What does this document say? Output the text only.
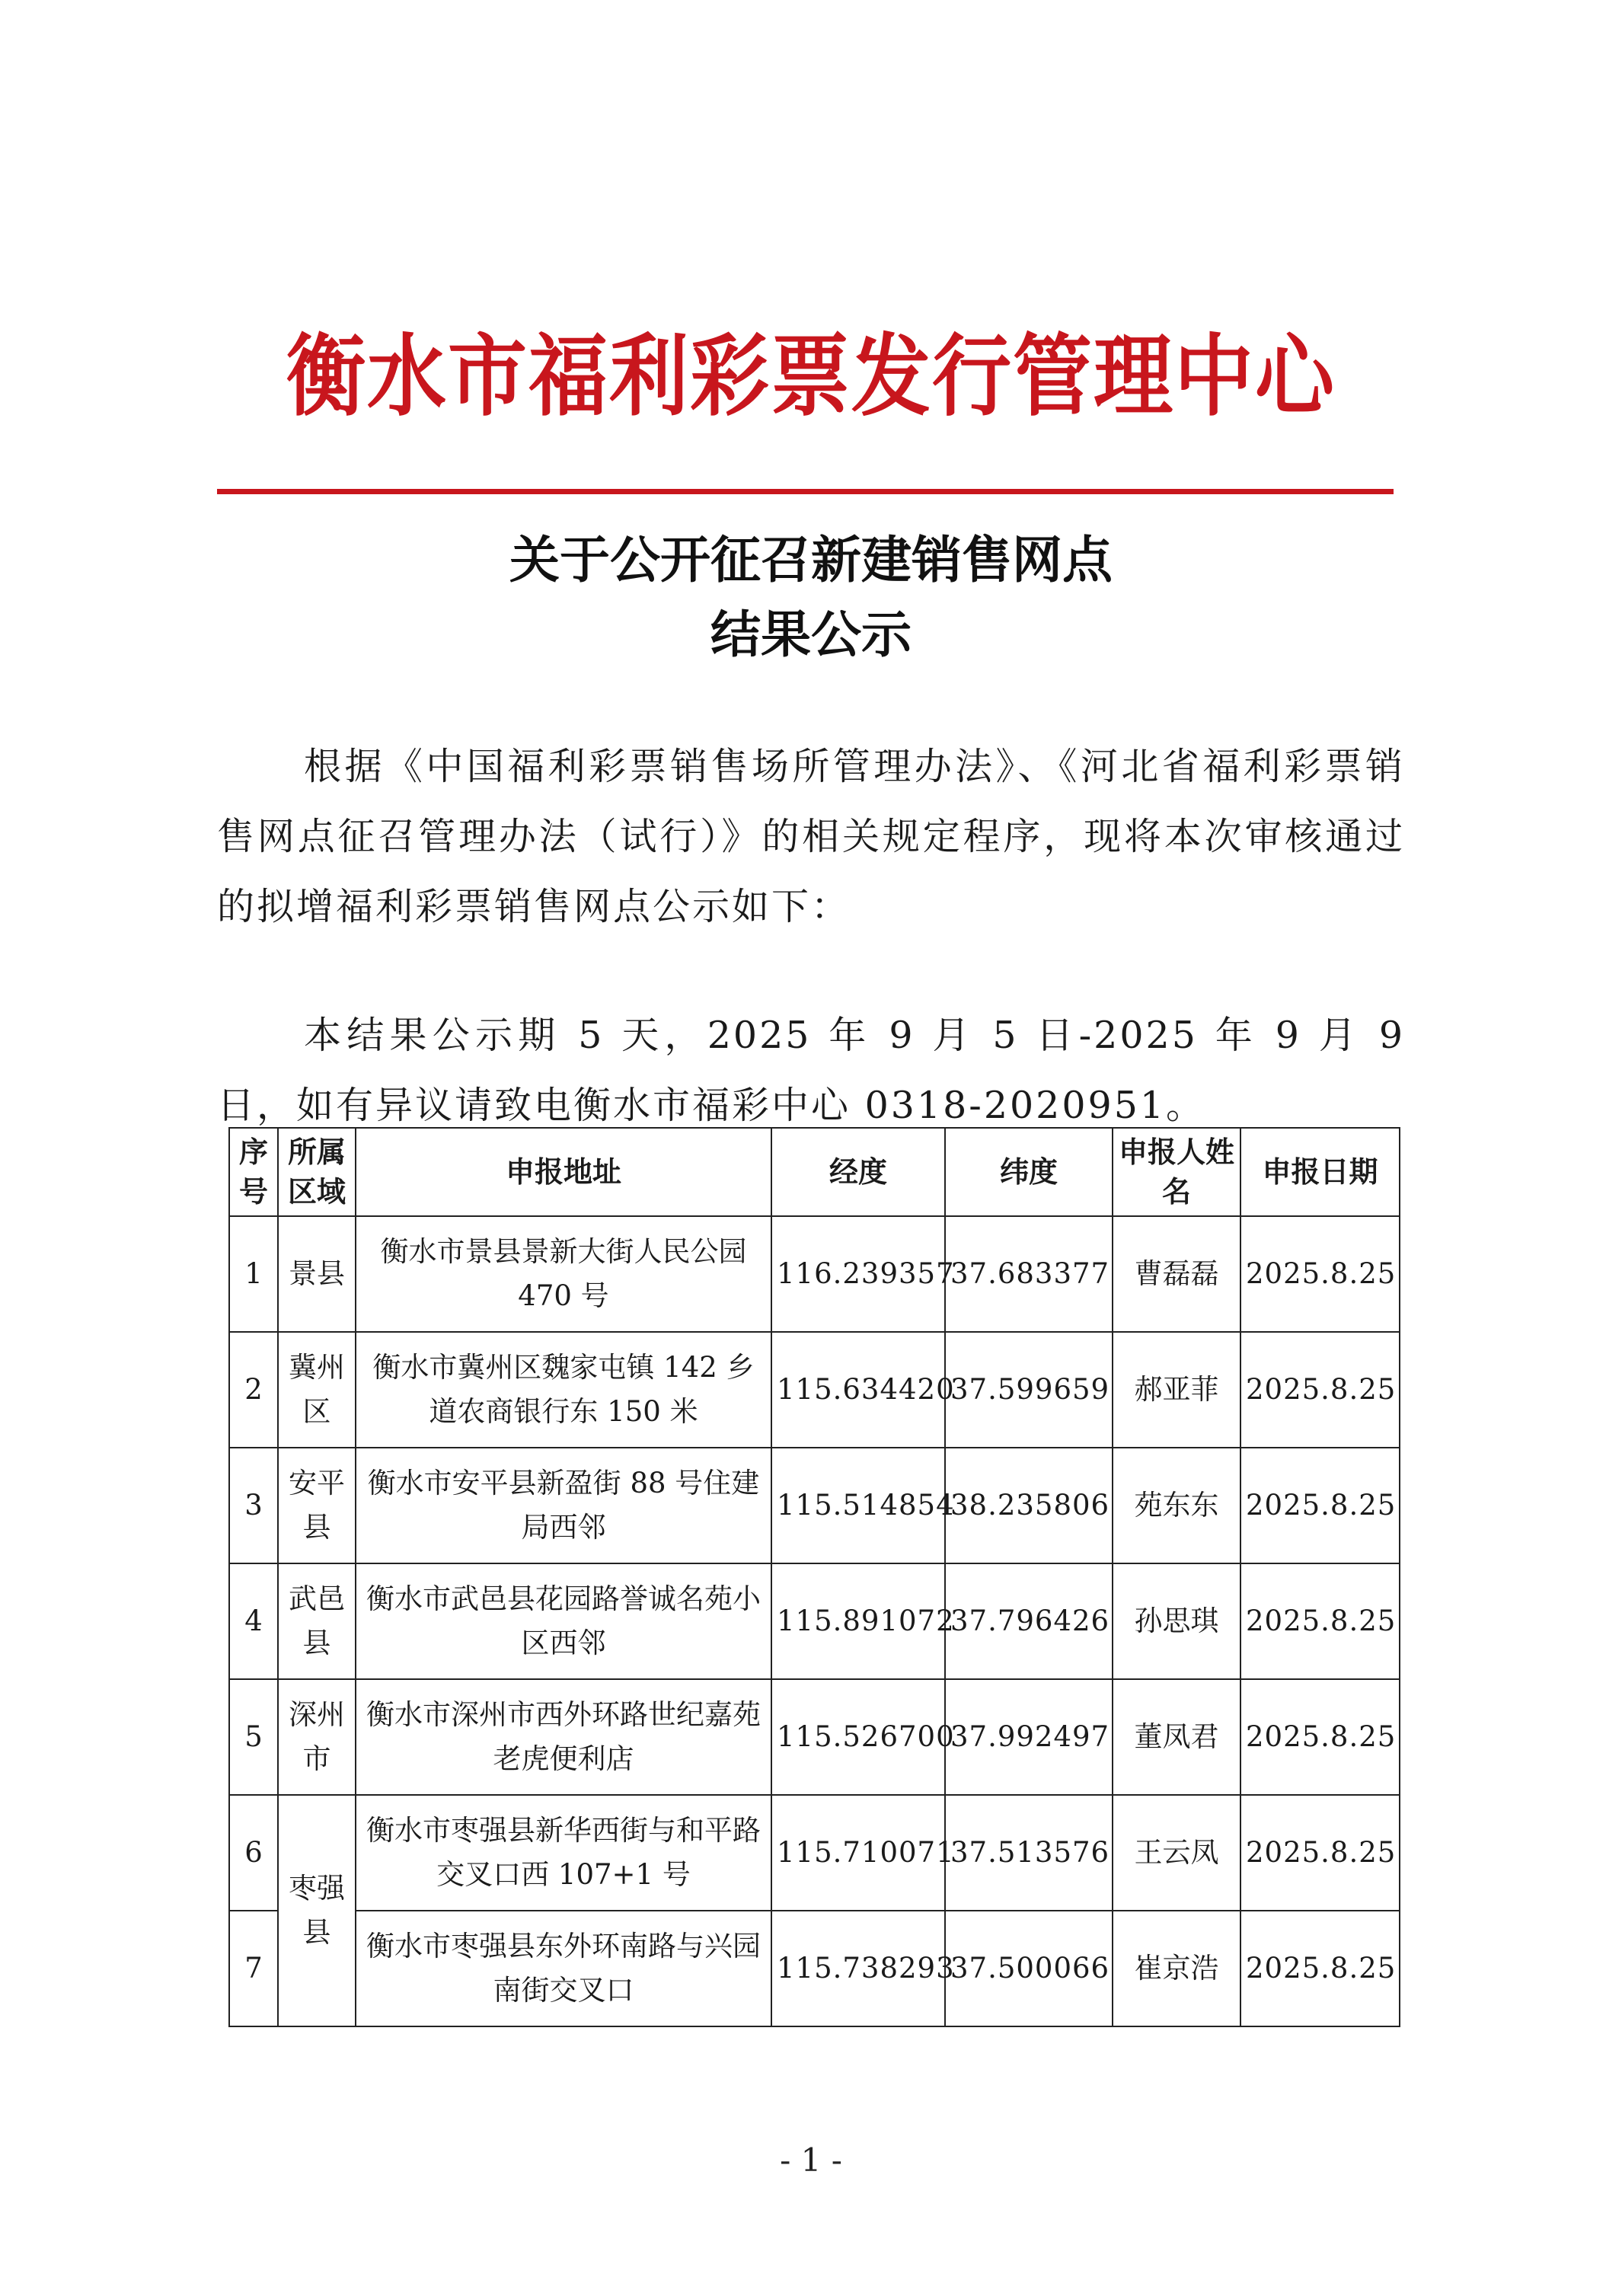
衡水市福利彩票发行管理中心
关于公开征召新建销售网点
结果公示

根据《中国福利彩票销售场所管理办法》、《河北省福利彩票销售网点征召管理办法（试行）》的相关规定程序，现将本次审核通过的拟增福利彩票销售网点公示如下：

本结果公示期 5 天，2025 年 9 月 5 日-2025 年 9 月 9 日，如有异议请致电衡水市福彩中心 0318-2020951。

序号	所属区域	申报地址	经度	纬度	申报人姓名	申报日期
1	景县	衡水市景县景新大街人民公园 470 号	116.239357	37.683377	曹磊磊	2025.8.25
2	冀州区	衡水市冀州区魏家屯镇 142 乡道农商银行东 150 米	115.634420	37.599659	郝亚菲	2025.8.25
3	安平县	衡水市安平县新盈街 88 号住建局西邻	115.514854	38.235806	苑东东	2025.8.25
4	武邑县	衡水市武邑县花园路誉诚名苑小区西邻	115.891072	37.796426	孙思琪	2025.8.25
5	深州市	衡水市深州市西外环路世纪嘉苑老虎便利店	115.526700	37.992497	董凤君	2025.8.25
6	枣强县	衡水市枣强县新华西街与和平路交叉口西 107+1 号	115.710071	37.513576	王云凤	2025.8.25
7		衡水市枣强县东外环南路与兴园南街交叉口	115.738293	37.500066	崔京浩	2025.8.25
- 1 -
